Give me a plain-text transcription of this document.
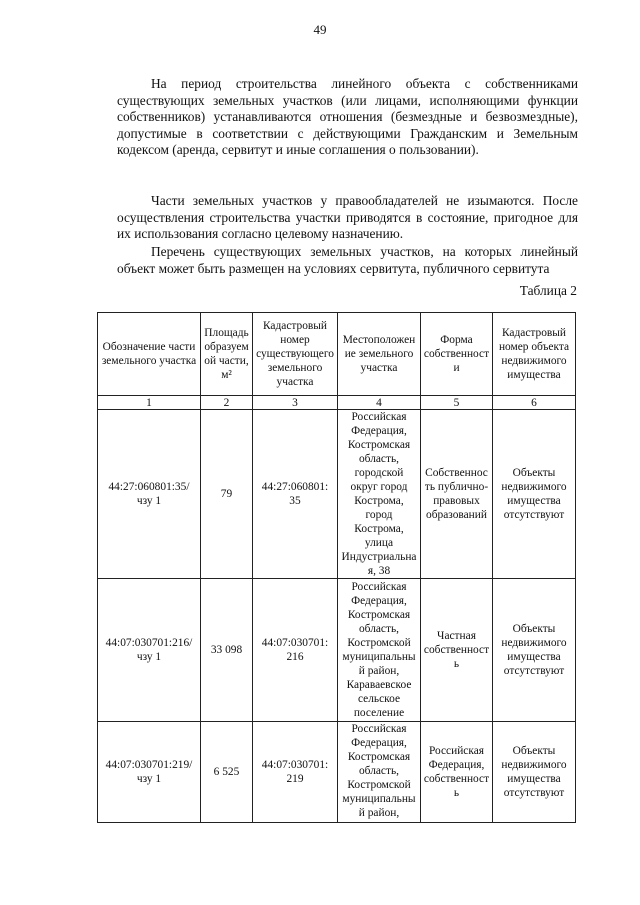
49

На период строительства линейного объекта с собственниками существующих земельных участков (или лицами, исполняющими функции собственников) устанавливаются отношения (безмездные и безвозмездные), допустимые в соответствии с действующими Гражданским и Земельным кодексом (аренда, сервитут и иные соглашения о пользовании).

Части земельных участков у правообладателей не изымаются. После осуществления строительства участки приводятся в состояние, пригодное для их использования согласно целевому назначению.

Перечень существующих земельных участков, на которых линейный объект может быть размещен на условиях сервитута, публичного сервитута

Таблица 2
Обозначение части земельного участка	Площадь образуемой части, м²	Кадастровый номер существующего земельного участка	Местоположение земельного участка	Форма собственности	Кадастровый номер объекта недвижимого имущества
1	2	3	4	5	6
44:27:060801:35/ чзу 1	79	44:27:060801: 35	Российская Федерация, Костромская область, городской округ город Кострома, город Кострома, улица Индустриальная, 38	Собственность публично-правовых образований	Объекты недвижимого имущества отсутствуют
44:07:030701:216/ чзу 1	33 098	44:07:030701: 216	Российская Федерация, Костромская область, Костромской муниципальный район, Караваевское сельское поселение	Частная собственность	Объекты недвижимого имущества отсутствуют
44:07:030701:219/ чзу 1	6 525	44:07:030701: 219	Российская Федерация, Костромская область, Костромской муниципальный район,	Российская Федерация, собственность	Объекты недвижимого имущества отсутствуют
